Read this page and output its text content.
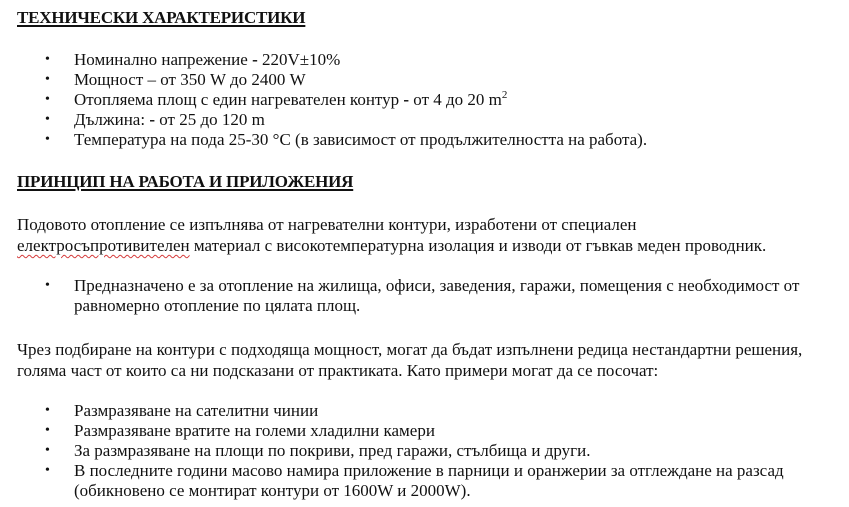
ТЕХНИЧЕСКИ ХАРАКТЕРИСТИКИ
• Номинално напрежение - 220V±10%
• Мощност – от 350 W до 2400 W
• Отопляема площ с един нагревателен контур - от 4 до 20 $m^2$
• Дължина: - от 25 до 120 m
• Температура на пода 25-30 °С (в зависимост от продължителността на работа).
ПРИНЦИП НА РАБОТА И ПРИЛОЖЕНИЯ

Подовото отопление се изпълнява от нагревателни контури, изработени от специален
електросъпротивителен материал с високотемпературна изолация и изводи от гъвкав меден проводник.

• Предназначено е за отопление на жилища, офиси, заведения, гаражи, помещения с необходимост от
равномерно отопление по цялата площ.

Чрез подбиране на контури с подходяща мощност, могат да бъдат изпълнени редица нестандартни решения,
голяма част от които са ни подсказани от практиката. Като примери могат да се посочат:

• Размразяване на сателитни чинии
• Размразяване вратите на големи хладилни камери
• За размразяване на площи по покриви, пред гаражи, стълбища и други.
• В последните години масово намира приложение в парници и оранжерии за отглеждане на разсад
(обикновено се монтират контури от 1600W и 2000W).
